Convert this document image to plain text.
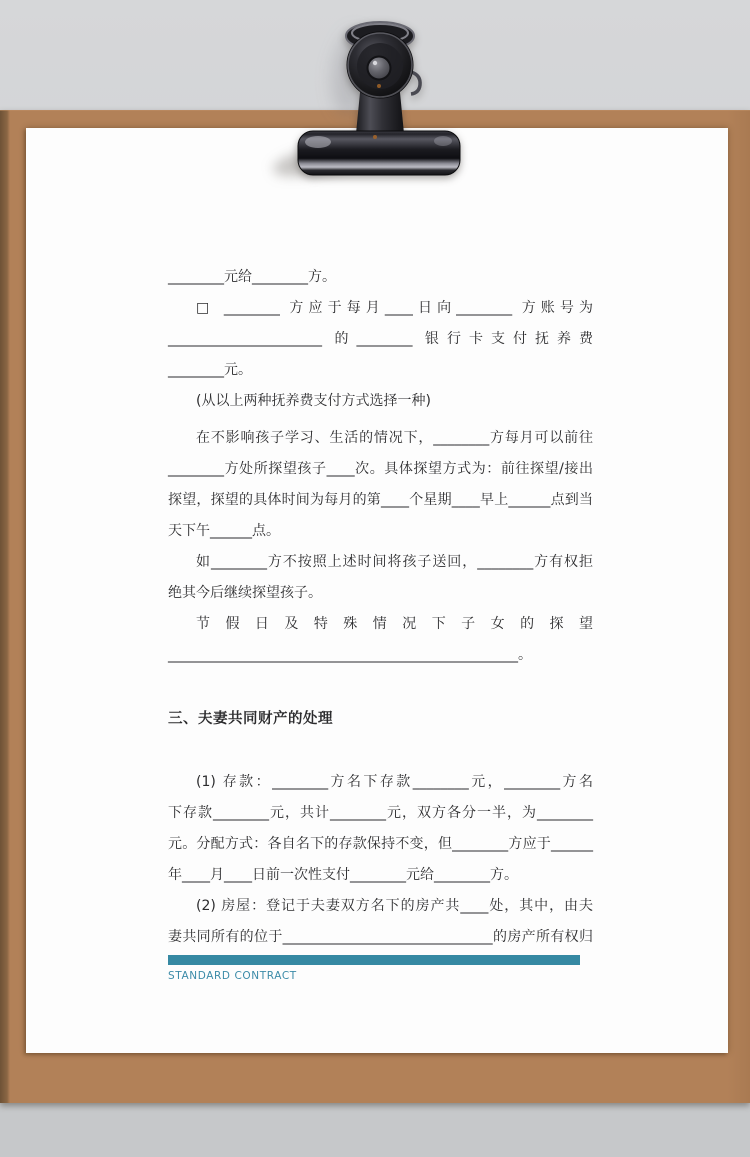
________元给________方。
□ ________ 方应于每月____日向________ 方账号为
______________________ 的________ 银行卡支付抚养费
________元。
(从以上两种抚养费支付方式选择一种)
在不影响孩子学习、生活的情况下，________方每月可以前往
________方处所探望孩子____次。具体探望方式为：前往探望/接出
探望，探望的具体时间为每月的第____个星期____早上______点到当
天下午______点。
如________方不按照上述时间将孩子送回，________方有权拒
绝其今后继续探望孩子。
节假日及特殊情况下子女的探望
__________________________________________________。
三、夫妻共同财产的处理
(1) 存款：________方名下存款________元，________方名
下存款________元，共计________元，双方各分一半，为________
元。分配方式：各自名下的存款保持不变，但________方应于______
年____月____日前一次性支付________元给________方。
(2) 房屋：登记于夫妻双方名下的房产共____处，其中，由夫
妻共同所有的位于______________________________的房产所有权归
STANDARD CONTRACT
